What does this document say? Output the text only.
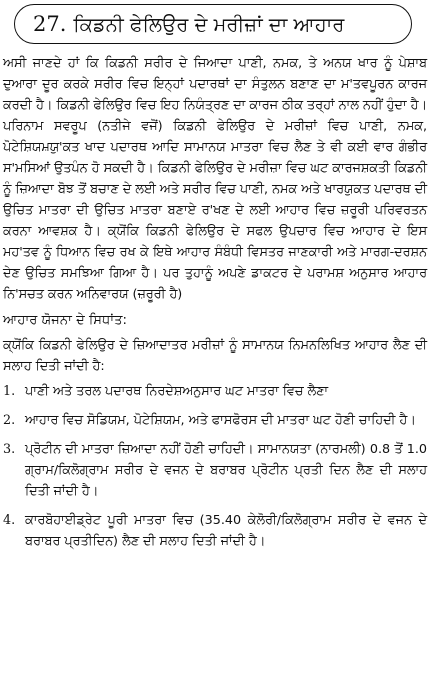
27. ਕਿਡਨੀ ਫੇਲਿਉਰ ਦੇ ਮਰੀਜ਼ਾਂ ਦਾ ਆਹਾਰ

ਅਸੀ ਜਾਣਦੇ ਹਾਂ ਕਿ ਕਿਡਨੀ ਸਰੀਰ ਦੇ ਜਿਆਦਾ ਪਾਣੀ, ਨਮਕ, ਤੇ ਅਨਯ ਖਾਰ ਨੂੰ ਪੇਸ਼ਾਬ ਦੁਆਰਾ ਦੂਰ ਕਰਕੇ ਸਰੀਰ ਵਿਚ ਇਨ੍ਹਾਂ ਪਦਾਰਥਾਂ ਦਾ ਸੰਤੁਲਨ ਬਣਾਣ ਦਾ ਮ'ਤਵਪੂਰਨ ਕਾਰਜ ਕਰਦੀ ਹੈ। ਕਿਡਨੀ ਫੇਲਿਉਰ ਵਿਚ ਇਹ ਨਿਯੰਤ੍ਰਣ ਦਾ ਕਾਰਜ ਠੀਕ ਤਰ੍ਹਾਂ ਨਾਲ ਨਹੀਂ ਹੁੰਦਾ ਹੈ। ਪਰਿਨਾਮ ਸਵਰੂਪ (ਨਤੀਜੇ ਵਜੋਂ) ਕਿਡਨੀ ਫੇਲਿਉਰ ਦੇ ਮਰੀਜ਼ਾਂ ਵਿਚ ਪਾਣੀ, ਨਮਕ, ਪੋਟੇਸ਼ਿਯਮ਼ਯੁ'ਕਤ ਖਾਦ ਪਦਾਰਥ ਆਦਿ ਸਾਮਾਨਯ ਮਾਤਰਾ ਵਿਚ ਲੈਣ ਤੇ ਵੀ ਕਈ ਵਾਰ ਗੰਭੀਰ ਸ'ਮਸਿਆਂ ਉਤਪੰਨ ਹੋ ਸਕਦੀ ਹੈ। ਕਿਡਨੀ ਫੇਲਿਉਰ ਦੇ ਮਰੀਜ਼ਾ ਵਿਚ ਘਟ ਕਾਰਜਸ਼ਕਤੀ ਕਿਡਨੀ ਨੂੰ ਜ਼ਿਆਦਾ ਬੋਝ ਤੋਂ ਬਚਾਣ ਦੇ ਲਈ ਅਤੇ ਸਰੀਰ ਵਿਚ ਪਾਣੀ, ਨਮਕ ਅਤੇ ਖਾਰਯੁਕਤ ਪਦਾਰਥ ਦੀ ਉਚਿਤ ਮਾਤਰਾ ਦੀ ਉਚਿਤ ਮਾਤਰਾ ਬਣਾਏ ਰ'ਖਣ ਦੇ ਲਈ ਆਹਾਰ ਵਿਚ ਜ਼ਰੂਰੀ ਪਰਿਵਰਤਨ ਕਰਨਾ ਆਵਸ਼ਕ ਹੈ। ਕ੍ਯੋਂਕਿ ਕਿਡਨੀ ਫੇਲਿਉਰ ਦੇ ਸਫਲ ਉਪਚਾਰ ਵਿਚ ਆਹਾਰ ਦੇ ਇਸ ਮਹ'ਤਵ ਨੂੰ ਧਿਆਨ ਵਿਚ ਰਖ ਕੇ ਇਥੇ ਆਹਾਰ ਸੰਬੰਧੀ ਵਿਸਤਰ ਜਾਣਕਾਰੀ ਅਤੇ ਮਾਰਗ-ਦਰਸ਼ਨ ਦੇਣ ਉਚਿਤ ਸਮਝਿਆ ਗਿਆ ਹੈ। ਪਰ ਤੁਹਾਨੂੰ ਅਪਣੇ ਡਾਕਟਰ ਦੇ ਪਰਾਮਸ਼ ਅਨੁਸਾਰ ਆਹਾਰ ਨਿ'ਸਚਤ ਕਰਨ ਅਨਿਵਾਰਯ (ਜ਼ਰੂਰੀ ਹੈ)

ਆਹਾਰ ਯੋਜਨਾ ਦੇ ਸਿਧਾਂਤ:

ਕ੍ਯੋਂਕਿ ਕਿਡਨੀ ਫੇਲਿਉਰ ਦੇ ਜ਼ਿਆਦਾਤਰ ਮਰੀਜ਼ਾਂ ਨੂੰ ਸਾਮਾਨਯ ਨਿਮਨਲਿਖਿਤ ਆਹਾਰ ਲੈਣ ਦੀ ਸਲਾਹ ਦਿਤੀ ਜਾਂਦੀ ਹੈ:

1. ਪਾਣੀ ਅਤੇ ਤਰਲ ਪਦਾਰਥ ਨਿਰਦੇਸ਼ਅਨੁਸਾਰ ਘਟ ਮਾਤਰਾ ਵਿਚ ਲੈਣਾ
2. ਆਹਾਰ ਵਿਚ ਸੋਡਿਯਮ, ਪੋਟੇਸ਼ਿਯਮ, ਅਤੇ ਫਾਸਫੋਰਸ ਦੀ ਮਾਤਰਾ ਘਟ ਹੋਣੀ ਚਾਹਿਦੀ ਹੈ।
3. ਪ੍ਰੋਟੀਨ ਦੀ ਮਾਤਰਾ ਜ਼ਿਆਦਾ ਨਹੀਂ ਹੋਣੀ ਚਾਹਿਦੀ। ਸਾਮਾਨਯਤਾ (ਨਾਰਮਲੀ) 0.8 ਤੋਂ 1.0 ਗ੍ਰਾਮ/ਕਿਲੋਗ੍ਰਾਮ ਸਰੀਰ ਦੇ ਵਜਨ ਦੇ ਬਰਾਬਰ ਪ੍ਰੋਟੀਨ ਪ੍ਰਤੀ ਦਿਨ ਲੈਣ ਦੀ ਸਲਾਹ ਦਿਤੀ ਜਾਂਦੀ ਹੈ।
4. ਕਾਰਬੋਹਾਈਡ੍ਰੇਟ ਪੂਰੀ ਮਾਤਰਾ ਵਿਚ (35.40 ਕੇਲੋਰੀ/ਕਿਲੋਗ੍ਰਾਮ ਸਰੀਰ ਦੇ ਵਜਨ ਦੇ ਬਰਾਬਰ ਪ੍ਰਤੀਦਿਨ) ਲੈਣ ਦੀ ਸਲਾਹ ਦਿਤੀ ਜਾਂਦੀ ਹੈ।
